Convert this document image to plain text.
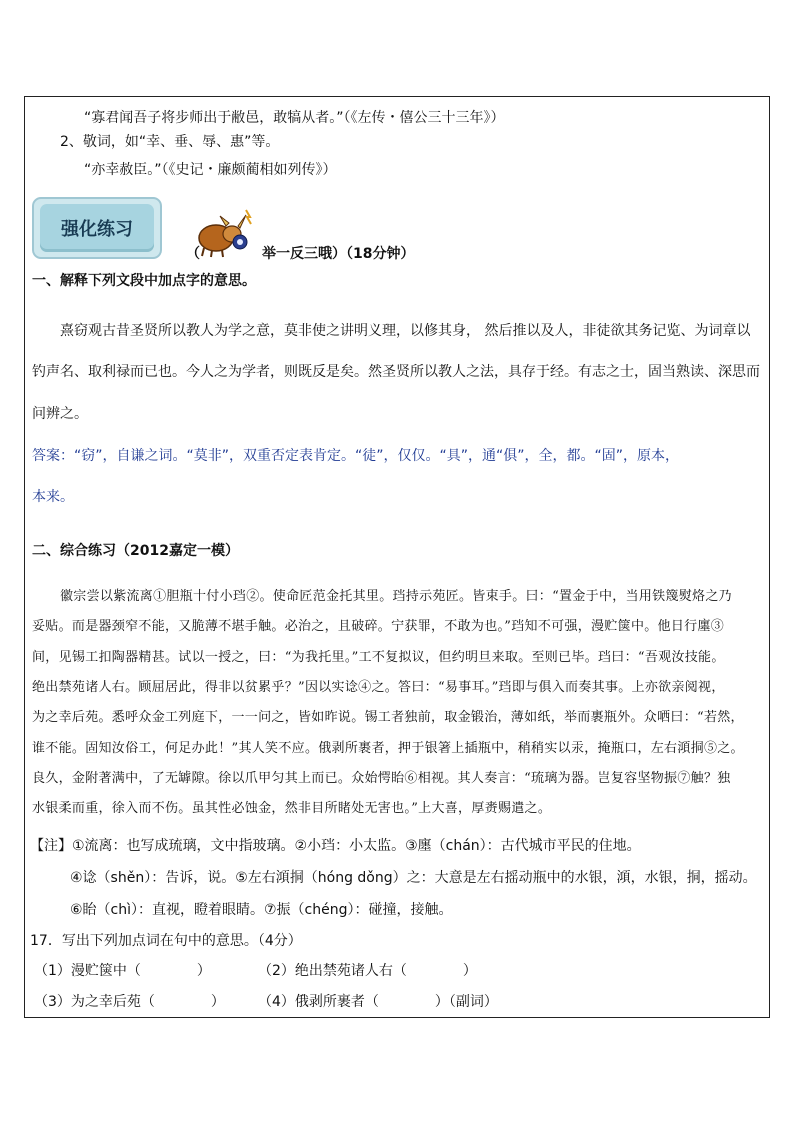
“寡君闻吾子将步师出于敝邑，敢犒从者。”（《左传・僖公三十三年》）
2、敬词，如“幸、垂、辱、惠”等。
“亦幸赦臣。”（《史记・廉颇蔺相如列传》）
强化练习
（	举一反三哦）（18分钟）
一、解释下列文段中加点字的意思。
熹窃观古昔圣贤所以教人为学之意，莫非使之讲明义理，以修其身， 然后推以及人，非徒欲其务记览、为词章以
钓声名、取利禄而已也。今人之为学者，则既反是矣。然圣贤所以教人之法，具存于经。有志之士，固当熟读、深思而
问辨之。
答案：“窃”，自谦之词。“莫非”，双重否定表肯定。“徒”，仅仅。“具”，通“俱”，全，都。“固”，原本，
本来。
二、综合练习（2012嘉定一模）
徽宗尝以紫流离①胆瓶十付小珰②。使命匠范金托其里。珰持示苑匠。皆束手。曰：“置金于中，当用铁篾熨烙之乃
妥贴。而是器颈窄不能，又脆薄不堪手触。必治之，且破碎。宁获罪，不敢为也。”珰知不可强，漫贮箧中。他日行廛③
间，见锡工扣陶器精甚。试以一授之，曰：“为我托里。”工不复拟议，但约明旦来取。至则已毕。珰曰：“吾观汝技能。
绝出禁苑诸人右。顾屈居此，得非以贫累乎？”因以实谂④之。答曰：“易事耳。”珰即与俱入而奏其事。上亦欲亲阅视，
为之幸后苑。悉呼众金工列庭下，一一问之，皆如昨说。锡工者独前，取金锻治，薄如纸，举而裹瓶外。众哂曰：“若然，
谁不能。固知汝俗工，何足办此！”其人笑不应。俄剥所裹者，押于银箸上插瓶中，稍稍实以汞，掩瓶口，左右澒挏⑤之。
良久，金附著满中，了无罅隙。徐以爪甲匀其上而已。众始愕眙⑥相视。其人奏言：“琉璃为器。岂复容坚物振⑦触？独
水银柔而重，徐入而不伤。虽其性必蚀金，然非目所睹处无害也。”上大喜，厚赉赐遣之。
【注】①流离：也写成琉璃，文中指玻璃。②小珰：小太监。③廛（chán）：古代城市平民的住地。
④谂（shěn）：告诉，说。⑤左右澒挏（hóng dǒng）之：大意是左右摇动瓶中的水银，澒，水银，挏，摇动。
⑥眙（chì）：直视，瞪着眼睛。⑦振（chéng）：碰撞，接触。
17．写出下列加点词在句中的意思。（4分）
（1）漫贮箧中（　　　　）	（2）绝出禁苑诸人右（　　　　）
（3）为之幸后苑（　　　　） （4）俄剥所裹者（　　　　）（副词）
